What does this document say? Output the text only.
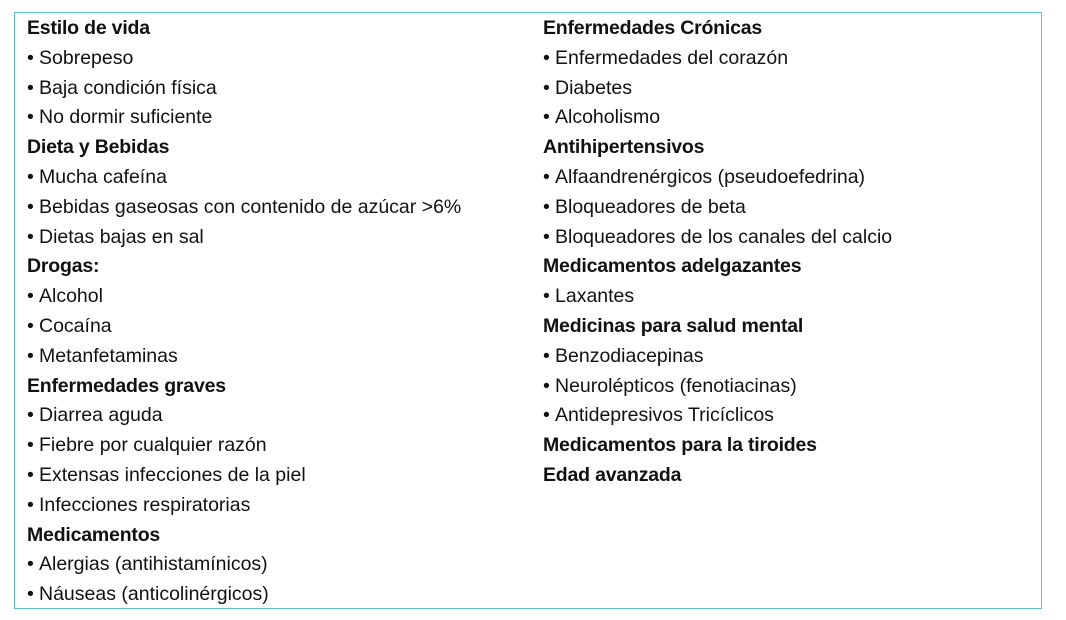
Estilo de vida
• Sobrepeso
• Baja condición física
• No dormir suficiente
Dieta y Bebidas
• Mucha cafeína
• Bebidas gaseosas con contenido de azúcar >6%
• Dietas bajas en sal
Drogas:
• Alcohol
• Cocaína
• Metanfetaminas
Enfermedades graves
• Diarrea aguda
• Fiebre por cualquier razón
• Extensas infecciones de la piel
• Infecciones respiratorias
Medicamentos
• Alergias (antihistamínicos)
• Náuseas (anticolinérgicos)
Enfermedades Crónicas
• Enfermedades del corazón
• Diabetes
• Alcoholismo
Antihipertensivos
• Alfaandrenérgicos (pseudoefedrina)
• Bloqueadores de beta
• Bloqueadores de los canales del calcio
Medicamentos adelgazantes
• Laxantes
Medicinas para salud mental
• Benzodiacepinas
• Neurolépticos (fenotiacinas)
• Antidepresivos Tricíclicos
Medicamentos para la tiroides
Edad avanzada
